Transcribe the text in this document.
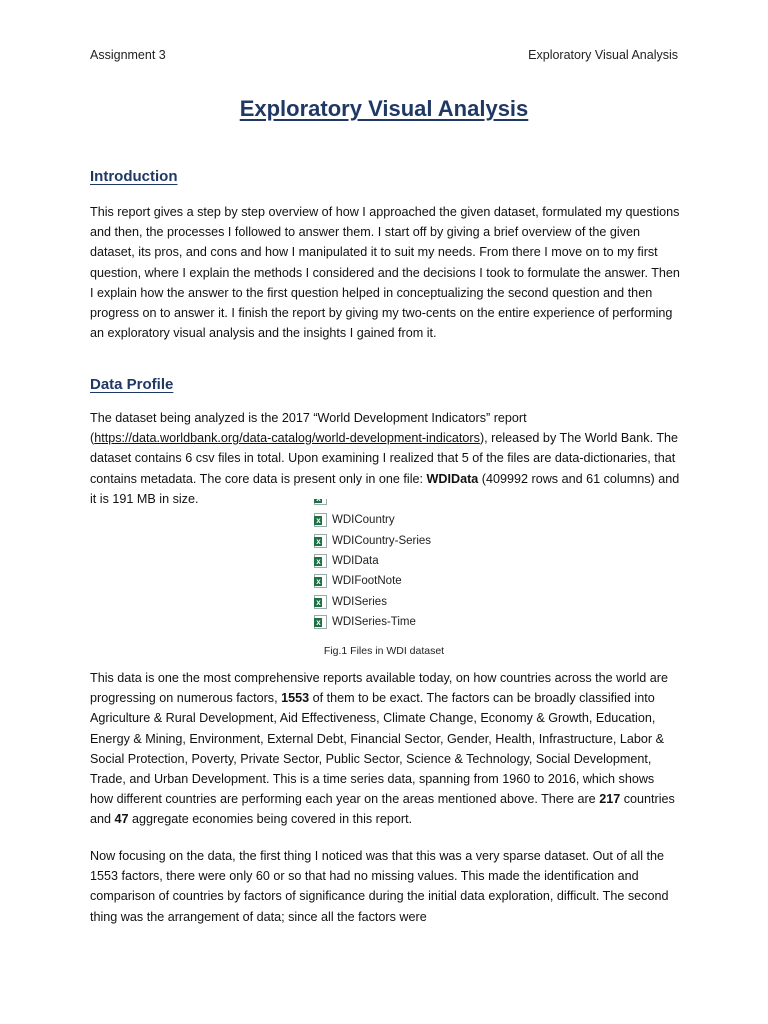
Assignment 3	Exploratory Visual Analysis
Exploratory Visual Analysis
Introduction
This report gives a step by step overview of how I approached the given dataset, formulated my questions and then, the processes I followed to answer them. I start off by giving a brief overview of the given dataset, its pros, and cons and how I manipulated it to suit my needs. From there I move on to my first question, where I explain the methods I considered and the decisions I took to formulate the answer. Then I explain how the answer to the first question helped in conceptualizing the second question and then progress on to answer it. I finish the report by giving my two-cents on the entire experience of performing an exploratory visual analysis and the insights I gained from it.
Data Profile
The dataset being analyzed is the 2017 “World Development Indicators” report (https://data.worldbank.org/data-catalog/world-development-indicators), released by The World Bank. The dataset contains 6 csv files in total. Upon examining I realized that 5 of the files are data-dictionaries, that contains metadata. The core data is present only in one file: WDIData (409992 rows and 61 columns) and it is 191 MB in size.
x
x
WDICountry
x
WDICountry-Series
x
WDIData
x
WDIFootNote
x
WDISeries
x
WDISeries-Time
Fig.1 Files in WDI dataset
This data is one the most comprehensive reports available today, on how countries across the world are progressing on numerous factors, 1553 of them to be exact. The factors can be broadly classified into Agriculture & Rural Development, Aid Effectiveness, Climate Change, Economy & Growth, Education, Energy & Mining, Environment, External Debt, Financial Sector, Gender, Health, Infrastructure, Labor & Social Protection, Poverty, Private Sector, Public Sector, Science & Technology, Social Development, Trade, and Urban Development. This is a time series data, spanning from 1960 to 2016, which shows how different countries are performing each year on the areas mentioned above. There are 217 countries and 47 aggregate economies being covered in this report.
Now focusing on the data, the first thing I noticed was that this was a very sparse dataset. Out of all the 1553 factors, there were only 60 or so that had no missing values. This made the identification and comparison of countries by factors of significance during the initial data exploration, difficult. The second thing was the arrangement of data; since all the factors were
